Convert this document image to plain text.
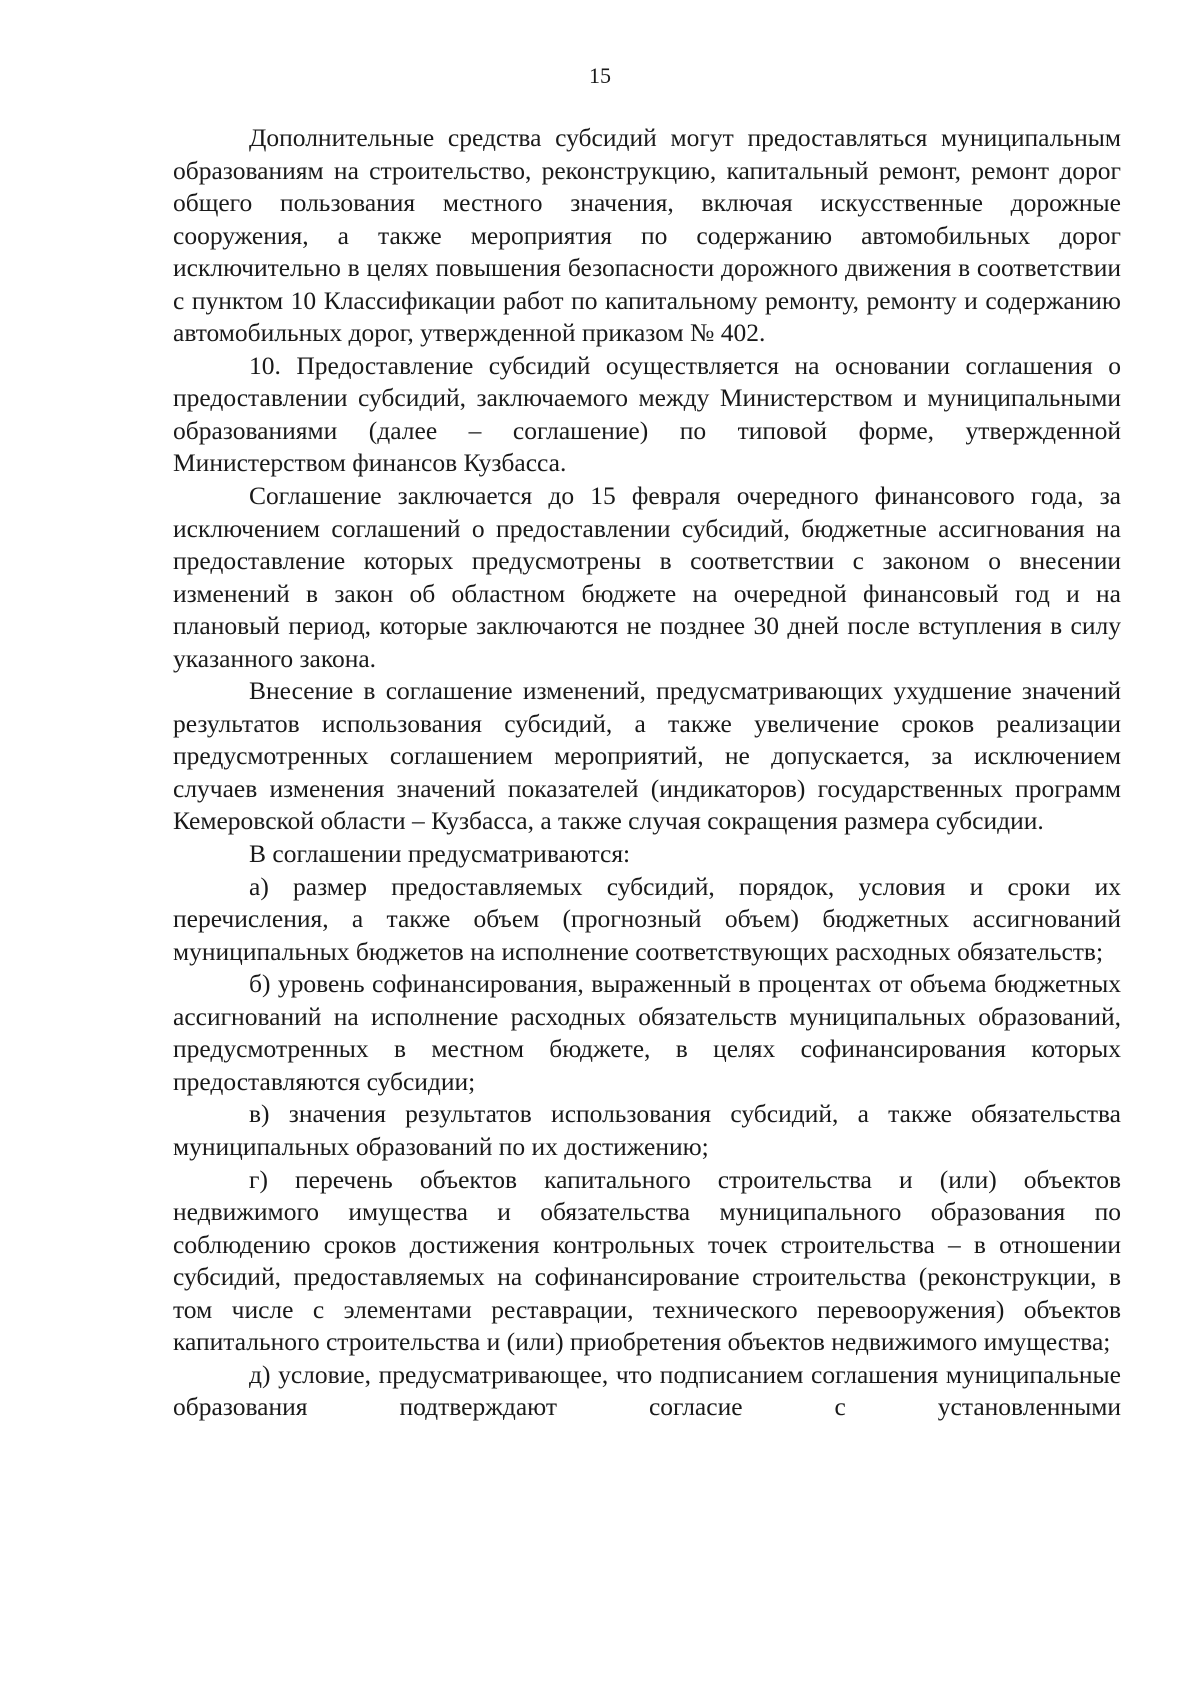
15

Дополнительные средства субсидий могут предоставляться муниципальным образованиям на строительство, реконструкцию, капитальный ремонт, ремонт дорог общего пользования местного значения, включая искусственные дорожные сооружения, а также мероприятия по содержанию автомобильных дорог исключительно в целях повышения безопасности дорожного движения в соответствии с пунктом 10 Классификации работ по капитальному ремонту, ремонту и содержанию автомобильных дорог, утвержденной приказом № 402.

10. Предоставление субсидий осуществляется на основании соглашения о предоставлении субсидий, заключаемого между Министерством и муниципальными образованиями (далее – соглашение) по типовой форме, утвержденной Министерством финансов Кузбасса.

Соглашение заключается до 15 февраля очередного финансового года, за исключением соглашений о предоставлении субсидий, бюджетные ассигнования на предоставление которых предусмотрены в соответствии с законом о внесении изменений в закон об областном бюджете на очередной финансовый год и на плановый период, которые заключаются не позднее 30 дней после вступления в силу указанного закона.

Внесение в соглашение изменений, предусматривающих ухудшение значений результатов использования субсидий, а также увеличение сроков реализации предусмотренных соглашением мероприятий, не допускается, за исключением случаев изменения значений показателей (индикаторов) государственных программ Кемеровской области – Кузбасса, а также случая сокращения размера субсидии.

В соглашении предусматриваются:

а) размер предоставляемых субсидий, порядок, условия и сроки их перечисления, а также объем (прогнозный объем) бюджетных ассигнований муниципальных бюджетов на исполнение соответствующих расходных обязательств;

б) уровень софинансирования, выраженный в процентах от объема бюджетных ассигнований на исполнение расходных обязательств муниципальных образований, предусмотренных в местном бюджете, в целях софинансирования которых предоставляются субсидии;

в) значения результатов использования субсидий, а также обязательства муниципальных образований по их достижению;

г) перечень объектов капитального строительства и (или) объектов недвижимого имущества и обязательства муниципального образования по соблюдению сроков достижения контрольных точек строительства – в отношении субсидий, предоставляемых на софинансирование строительства (реконструкции, в том числе с элементами реставрации, технического перевооружения) объектов капитального строительства и (или) приобретения объектов недвижимого имущества;

д) условие, предусматривающее, что подписанием соглашения муниципальные образования подтверждают согласие с установленными
